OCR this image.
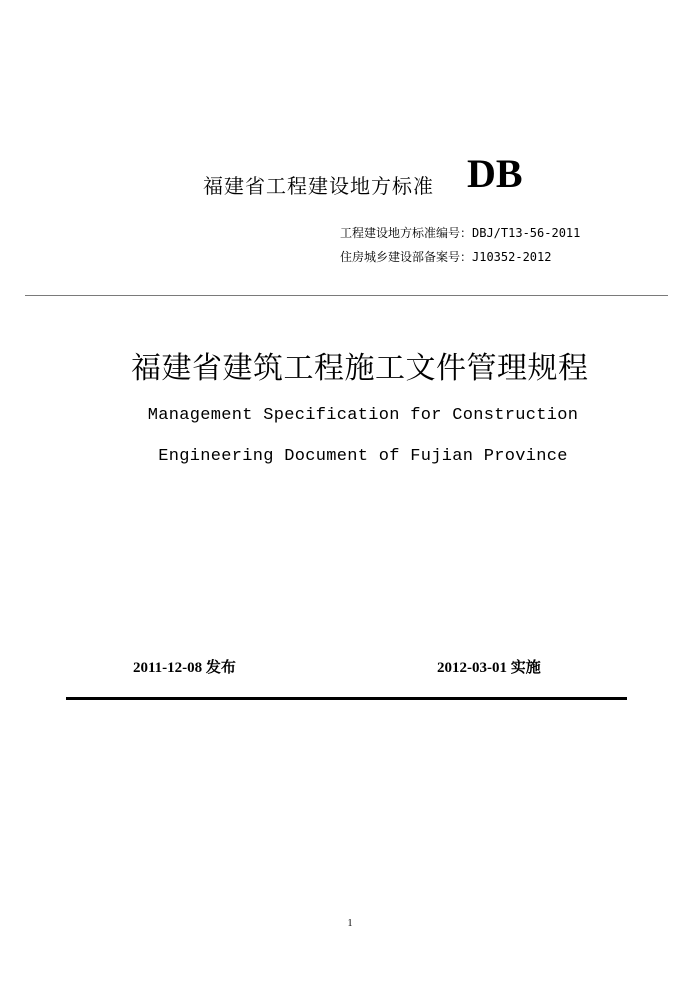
福建省工程建设地方标准 DB
工程建设地方标准编号：DBJ/T13-56-2011
住房城乡建设部备案号：J10352-2012
福建省建筑工程施工文件管理规程
Management Specification for Construction
Engineering Document of Fujian Province
2011-12-08 发布	2012-03-01 实施
1
